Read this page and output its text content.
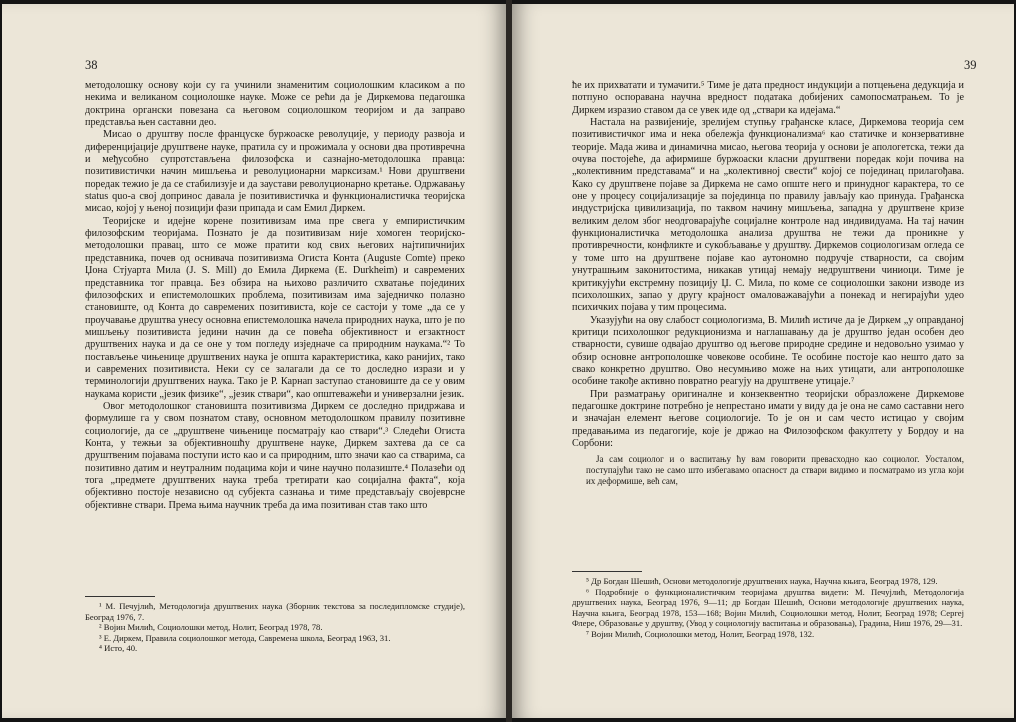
38

методолошку основу који су га учинили знаменитим социолошким класиком а по некима и великаном социолошке науке. Може се рећи да је Диркемова педагошка доктрина органски повезана са његовом социолошком теоријом и да заправо представља њен саставни део.

Мисао о друштву после француске буржоаске револуције, у периоду развоја и диференцијације друштвене науке, пратила су и прожимала у основи два противречна и међусобно супротстављена филозофска и сазнајно-методолошка правца: позитивистички начин мишљења и револуционарни марксизам.¹ Нови друштвени поредак тежио је да се стабилизује и да заустави револуционарно кретање. Одржавању status quo-а свој допринос давала је позитивистичка и функционалистичка теоријска мисао, којој у њеној позицији фази припада и сам Емил Диркем.

Теоријске и идејне корене позитивизам има пре свега у емпиристичким филозофским теоријама. Познато је да позитивизам није хомоген теоријско-методолошки правац, што се може пратити код свих његових најтипичнијих представника, почев од оснивача позитивизма Огиста Конта (Auguste Comte) преко Џона Стјуарта Мила (J. S. Mill) до Емила Диркема (E. Durkheim) и савремених представника тог правца. Без обзира на њихово различито схватање појединих филозофских и епистемолошких проблема, позитивизам има заједничко полазно становиште, од Конта до савремених позитивиста, које се састоји у томе „да се у проучавање друштва унесу основна епистемолошка начела природних наука, што је по мишљењу позитивиста једини начин да се повећа објективност и егзактност друштвених наука и да се оне у том погледу изједначе са природним наукама.“² То постављење чињенице друштвених наука је општа карактеристика, како ранијих, тако и савремених позитивиста. Неки су се залагали да се то доследно изрази и у терминологији друштвених наука. Тако је Р. Карнап заступао становиште да се у овим наукама користи „језик физике“, „језик ствари“, као општеважећи и универзални језик.

Овог методолошког становишта позитивизма Диркем се доследно придржава и формулише га у свом познатом ставу, основном методолошком правилу позитивне социологије, да се „друштвене чињенице посматрају као ствари“.³ Следећи Огиста Конта, у тежњи за објективношћу друштвене науке, Диркем захтева да се са друштвеним појавама поступи исто као и са природним, што значи као са стварима, са позитивно датим и неутралним подацима који и чине научно полазиште.⁴ Полазећи од тога „предмете друштвених наука треба третирати као социјална факта“, која објективно постоје независно од субјекта сазнања и тиме представљају својеврсне објективне ствари. Према њима научник треба да има позитиван став тако што

¹ М. Печујлић, Методологија друштвених наука (Зборник текстова за последипломске студије), Београд 1976, 7.
² Војин Милић, Социолошки метод, Нолит, Београд 1978, 78.
³ Е. Диркем, Правила социолошког метода, Савремена школа, Београд 1963, 31.
⁴ Исто, 40.
39

ће их прихватати и тумачити.⁵ Тиме је дата предност индукцији а потцењена дедукција и потпуно оспоравана научна вредност података добијених самопосматрањем. То је Диркем изразио ставом да се увек иде од „ствари ка идејама.“

Настала на развијеније, зрелијем ступњу грађанске класе, Диркемова теорија сем позитивистичког има и нека обележја функционализма⁶ као статичке и конзервативне теорије. Мада жива и динамична мисао, његова теорија у основи је апологетска, тежи да очува постојеће, да афирмише буржоаски класни друштвени поредак који почива на „колективним представама“ и на „колективној свести“ којој се појединац прилагођава. Како су друштвене појаве за Диркема не само опште него и принудног карактера, то се оне у процесу социјализације за појединца по правилу јављају као принуда. Грађанска индустријска цивилизација, по таквом начину мишљења, западна у друштвене кризе великим делом због неодговарајуће социјалне контроле над индивидуама. На тај начин функционалистичка методолошка анализа друштва не тежи да проникне у противречности, конфликте и сукобљавање у друштву. Диркемов социологизам огледа се у томе што на друштвене појаве као аутономно подручје стварности, са својим унутрашњим законитостима, никакав утицај немају недруштвени чиниоци. Тиме је критикујући екстремну позицију Џ. С. Мила, по коме се социолошки закони изводе из психолошких, запао у другу крајност омаловажавајући а понекад и негирајући удео психичких појава у тим процесима.

Указујући на ову слабост социологизма, В. Милић истиче да је Диркем „у оправданој критици психолошког редукционизма и наглашавању да је друштво један особен део стварности, сувише одвајао друштво од његове природне средине и недовољно узимао у обзир основне антрополошке човекове особине. Те особине постоје као нешто дато за свако конкретно друштво. Ово несумњиво може на њих утицати, али антрополошке особине такође активно повратно реагују на друштвене утицаје.⁷

При разматрању оригиналне и конзеквентно теоријски образложене Диркемове педагошке доктрине потребно је непрестано имати у виду да је она не само саставни него и значајан елемент његове социологије. То је он и сам често истицао у својим предавањима из педагогије, које је држао на Филозофском факултету у Бордоу и на Сорбони:

Ја сам социолог и о васпитању ћу вам говорити превасходно као социолог. Уосталом, поступајући тако не само што избегавамо опасност да ствари видимо и посматрамо из угла који их деформише, већ сам,
⁵ Др Богдан Шешић, Основи методологије друштвених наука, Научна књига, Београд 1978, 129.
⁶ Подробније о функционалистичким теоријама друштва видети: М. Печујлић, Методологија друштвених наука, Београд 1976, 9—11; др Богдан Шешић, Основи методологије друштвених наука, Научна књига, Београд 1978, 153—168; Војин Милић, Социолошки метод, Нолит, Београд 1978; Сергеј Флере, Образовање у друштву, (Увод у социологију васпитања и образовања), Градина, Ниш 1976, 29—31.
⁷ Војин Милић, Социолошки метод, Нолит, Београд 1978, 132.
